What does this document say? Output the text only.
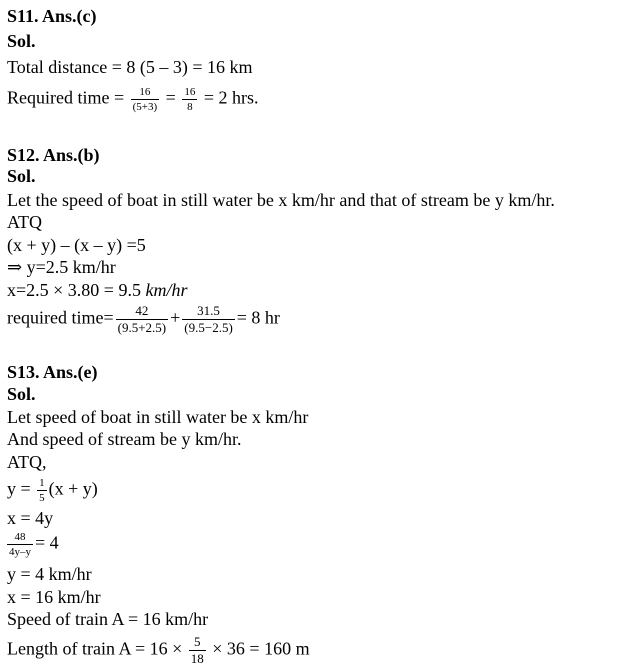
S11. Ans.(c)
Sol.
Total distance = 8 (5 – 3) = 16 km
Required time = $\frac{16}{(5+3)} = \frac{16}{8} = 2$ hrs.
S12. Ans.(b)
Sol.
Let the speed of boat in still water be x km/hr and that of stream be y km/hr.
ATQ
(x + y) – (x – y) =5
⇒ y=2.5 km/hr
x=2.5 × 3.80 = 9.5 km/hr
required time= $\frac{42}{(9.5+2.5)} + \frac{31.5}{(9.5-2.5)} = 8$ hr
S13. Ans.(e)
Sol.
Let speed of boat in still water be x km/hr
And speed of stream be y km/hr.
ATQ,
$y = \frac{1}{5} (x + y)$
x = 4y
$\frac{48}{4y-y} = 4$
y = 4 km/hr
x = 16 km/hr
Speed of train A = 16 km/hr
Length of train $A = 16 \times \frac{5}{18} \times 36 = 160$ m
